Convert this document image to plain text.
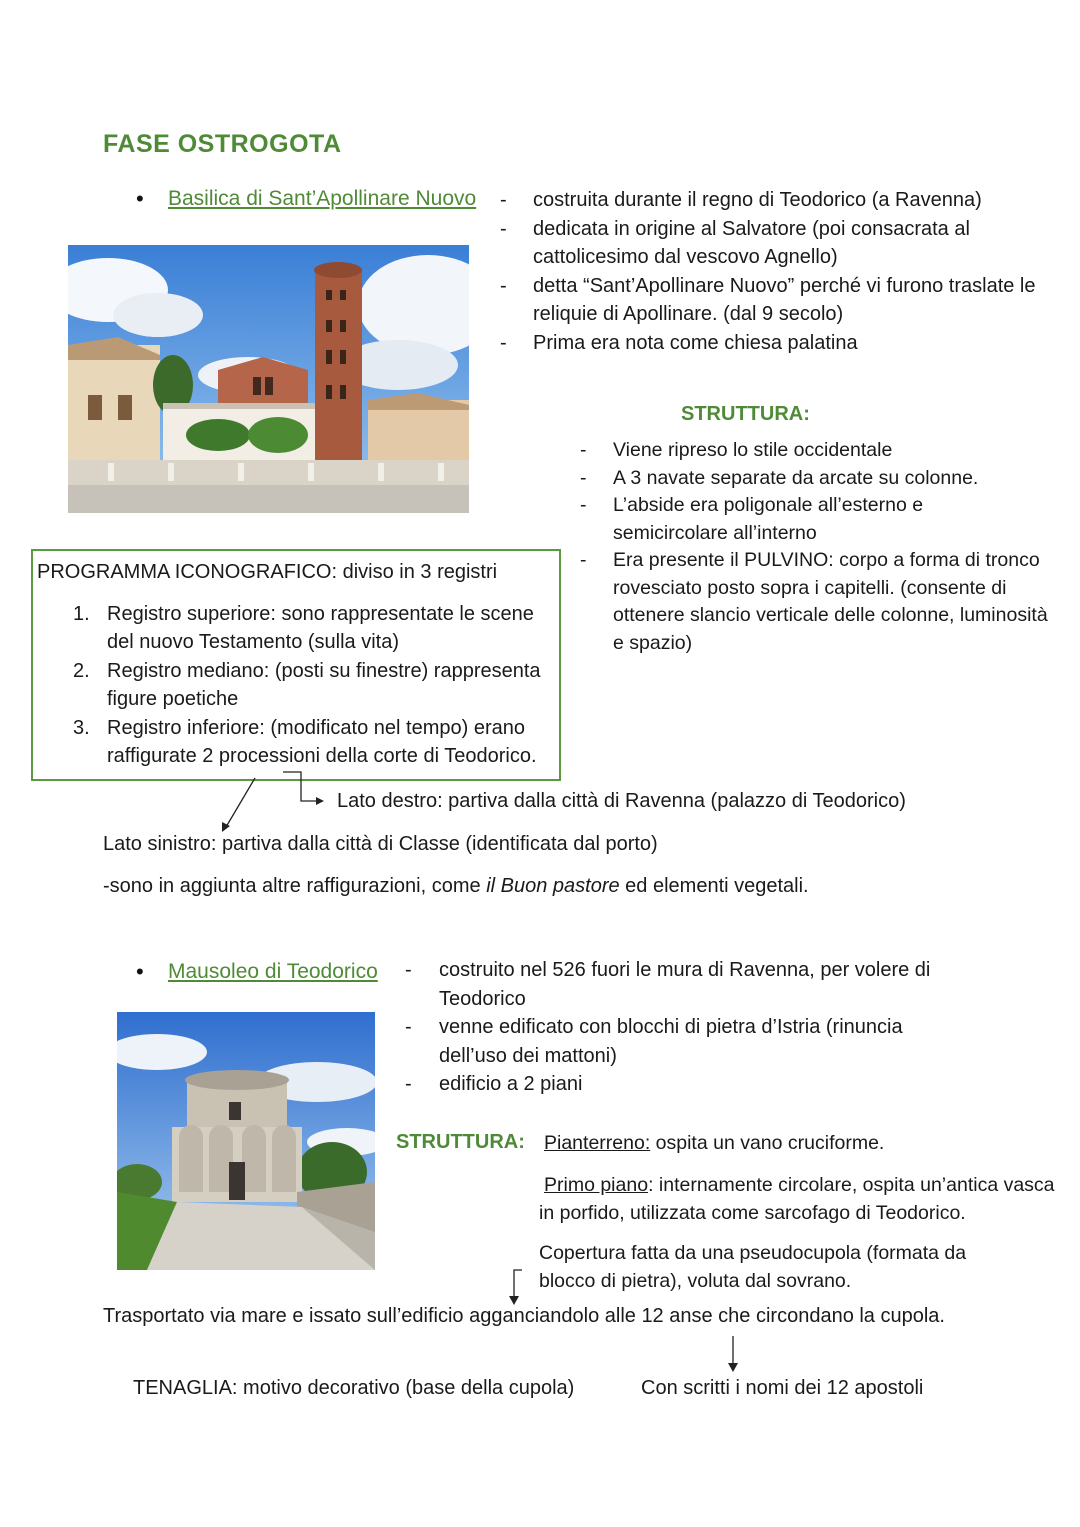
FASE OSTROGOTA
• Basilica di Sant’Apollinare Nuovo - costruita durante il regno di Teodorico (a Ravenna)
- dedicata in origine al Salvatore (poi consacrata al cattolicesimo dal vescovo Agnello)
- detta “Sant’Apollinare Nuovo” perché vi furono traslate le reliquie di Apollinare. (dal 9 secolo)
- Prima era nota come chiesa palatina
STRUTTURA:
- Viene ripreso lo stile occidentale
- A 3 navate separate da arcate su colonne.
- L’abside era poligonale all’esterno e semicircolare all’interno
- Era presente il PULVINO: corpo a forma di tronco rovesciato posto sopra i capitelli. (consente di ottenere slancio verticale delle colonne, luminosità e spazio)
PROGRAMMA ICONOGRAFICO: diviso in 3 registri
1. Registro superiore: sono rappresentate le scene del nuovo Testamento (sulla vita)
2. Registro mediano: (posti su finestre) rappresenta figure poetiche
3. Registro inferiore: (modificato nel tempo) erano raffigurate 2 processioni della corte di Teodorico.
Lato destro: partiva dalla città di Ravenna (palazzo di Teodorico)
Lato sinistro: partiva dalla città di Classe (identificata dal porto)
-sono in aggiunta altre raffigurazioni, come il Buon pastore ed elementi vegetali.
• Mausoleo di Teodorico - costruito nel 526 fuori le mura di Ravenna, per volere di Teodorico
- venne edificato con blocchi di pietra d’Istria (rinuncia dell’uso dei mattoni)
- edificio a 2 piani
STRUTTURA: Pianterreno: ospita un vano cruciforme.
Primo piano: internamente circolare, ospita un’antica vasca in porfido, utilizzata come sarcofago di Teodorico.
Copertura fatta da una pseudocupola (formata da blocco di pietra), voluta dal sovrano.
Trasportato via mare e issato sull’edificio agganciandolo alle 12 anse che circondano la cupola.
TENAGLIA: motivo decorativo (base della cupola)	Con scritti i nomi dei 12 apostoli
